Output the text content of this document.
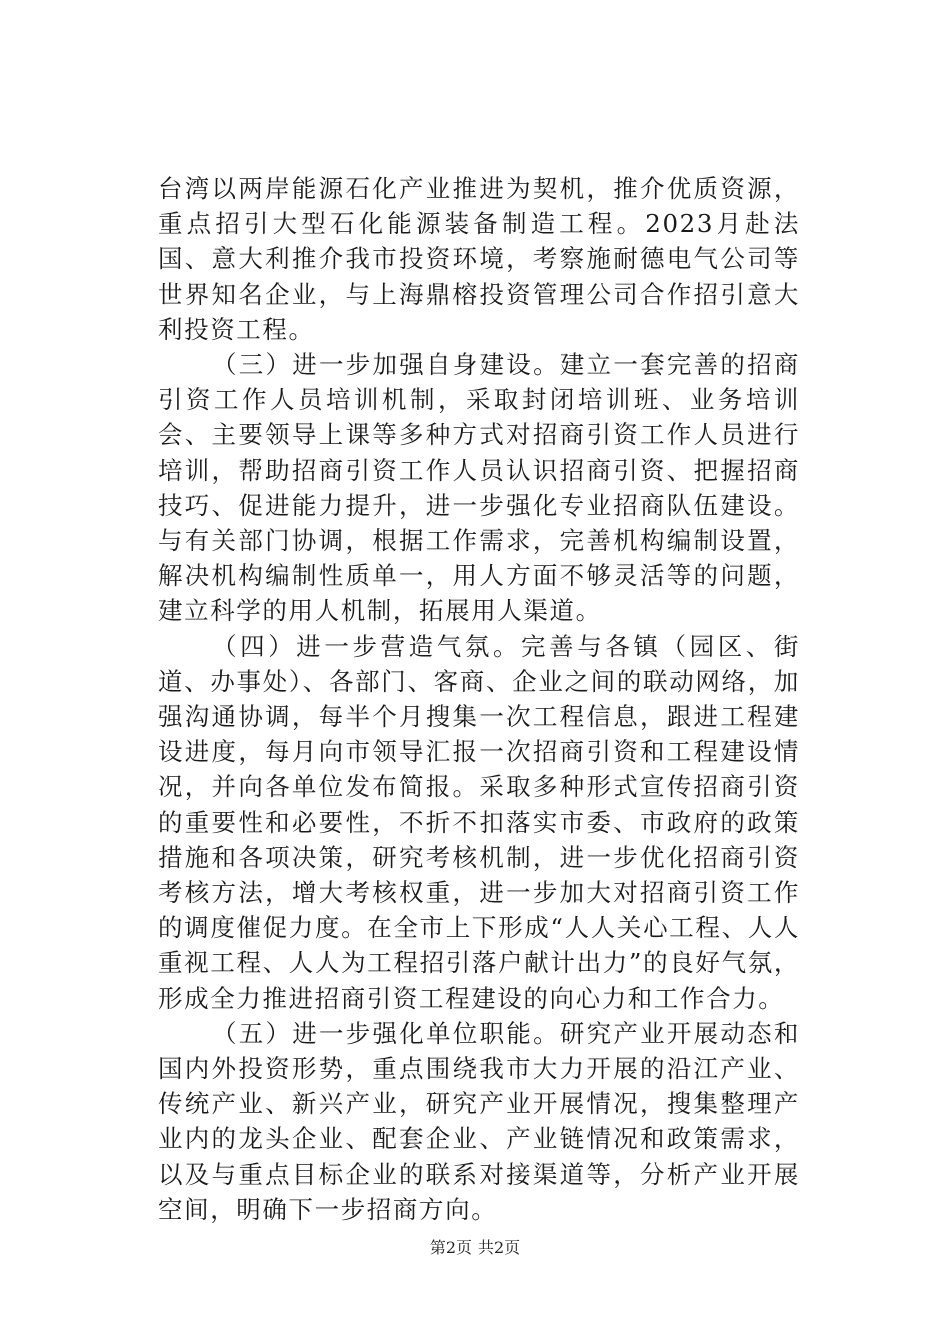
台湾以两岸能源石化产业推进为契机，推介优质资源，重点招引大型石化能源装备制造工程。2023月赴法国、意大利推介我市投资环境，考察施耐德电气公司等世界知名企业，与上海鼎榕投资管理公司合作招引意大利投资工程。

（三）进一步加强自身建设。建立一套完善的招商引资工作人员培训机制，采取封闭培训班、业务培训会、主要领导上课等多种方式对招商引资工作人员进行培训，帮助招商引资工作人员认识招商引资、把握招商技巧、促进能力提升，进一步强化专业招商队伍建设。与有关部门协调，根据工作需求，完善机构编制设置，解决机构编制性质单一，用人方面不够灵活等的问题，建立科学的用人机制，拓展用人渠道。

（四）进一步营造气氛。完善与各镇（园区、街道、办事处）、各部门、客商、企业之间的联动网络，加强沟通协调，每半个月搜集一次工程信息，跟进工程建设进度，每月向市领导汇报一次招商引资和工程建设情况，并向各单位发布简报。采取多种形式宣传招商引资的重要性和必要性，不折不扣落实市委、市政府的政策措施和各项决策，研究考核机制，进一步优化招商引资考核方法，增大考核权重，进一步加大对招商引资工作的调度催促力度。在全市上下形成“人人关心工程、人人重视工程、人人为工程招引落户献计出力”的良好气氛，形成全力推进招商引资工程建设的向心力和工作合力。

（五）进一步强化单位职能。研究产业开展动态和国内外投资形势，重点围绕我市大力开展的沿江产业、传统产业、新兴产业，研究产业开展情况，搜集整理产业内的龙头企业、配套企业、产业链情况和政策需求，以及与重点目标企业的联系对接渠道等，分析产业开展空间，明确下一步招商方向。

第2页 共2页
